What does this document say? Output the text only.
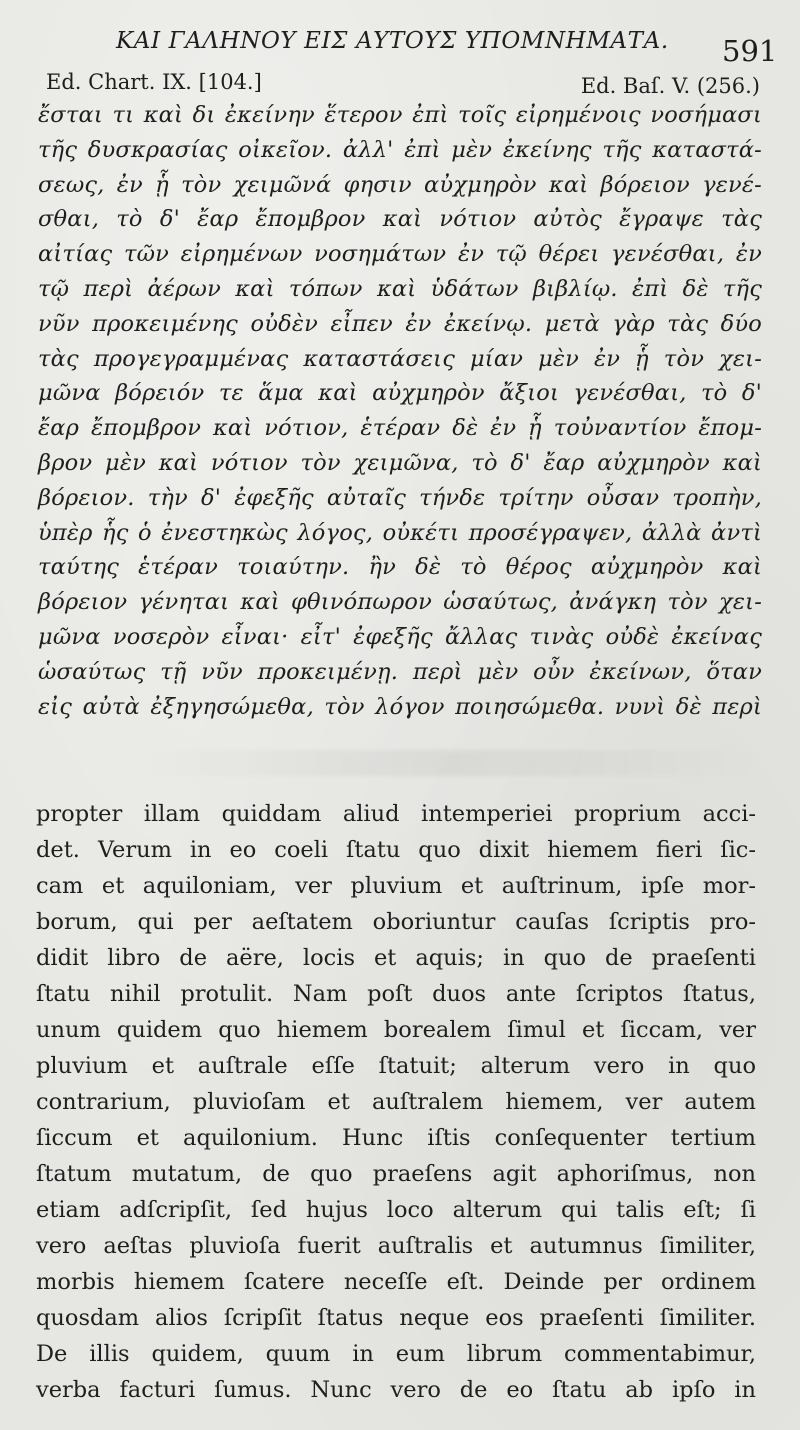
ΚΑΙ ΓΑΛΗΝΟΥ ΕΙΣ ΑΥΤΟΥΣ ΥΠΟΜΝΗΜΑΤΑ. 591
Ed. Chart. IX. [104.]	Ed. Baſ. V. (256.)
ἔσται τι καὶ δι ἐκείνην ἕτερον ἐπὶ τοῖς εἰρημένοις νοσήμασι
τῆς δυσκρασίας οἰκεῖον. ἀλλ' ἐπὶ μὲν ἐκείνης τῆς καταστά-
σεως, ἐν ᾗ τὸν χειμῶνά φησιν αὐχμηρὸν καὶ βόρειον γενέ-
σθαι, τὸ δ' ἔαρ ἔπομβρον καὶ νότιον αὐτὸς ἔγραψε τὰς
αἰτίας τῶν εἰρημένων νοσημάτων ἐν τῷ θέρει γενέσθαι, ἐν
τῷ περὶ ἀέρων καὶ τόπων καὶ ὑδάτων βιβλίῳ. ἐπὶ δὲ τῆς
νῦν προκειμένης οὐδὲν εἶπεν ἐν ἐκείνῳ. μετὰ γὰρ τὰς δύο
τὰς προγεγραμμένας καταστάσεις μίαν μὲν ἐν ᾗ τὸν χει-
μῶνα βόρειόν τε ἅμα καὶ αὐχμηρὸν ἄξιοι γενέσθαι, τὸ δ'
ἔαρ ἔπομβρον καὶ νότιον, ἑτέραν δὲ ἐν ᾗ τοὐναντίον ἔπομ-
βρον μὲν καὶ νότιον τὸν χειμῶνα, τὸ δ' ἔαρ αὐχμηρὸν καὶ
βόρειον. τὴν δ' ἐφεξῆς αὐταῖς τήνδε τρίτην οὖσαν τροπὴν,
ὑπὲρ ἧς ὁ ἐνεστηκὼς λόγος, οὐκέτι προσέγραψεν, ἀλλὰ ἀντὶ
ταύτης ἑτέραν τοιαύτην. ἢν δὲ τὸ θέρος αὐχμηρὸν καὶ
βόρειον γένηται καὶ φθινόπωρον ὡσαύτως, ἀνάγκη τὸν χει-
μῶνα νοσερὸν εἶναι· εἶτ' ἐφεξῆς ἄλλας τινὰς οὐδὲ ἐκείνας
ὡσαύτως τῇ νῦν προκειμένῃ. περὶ μὲν οὖν ἐκείνων, ὅταν
εἰς αὐτὰ ἐξηγησώμεθα, τὸν λόγον ποιησώμεθα. νυνὶ δὲ περὶ
propter illam quiddam aliud intemperiei proprium acci-
det. Verum in eo coeli ſtatu quo dixit hiemem fieri ſic-
cam et aquiloniam, ver pluvium et auſtrinum, ipſe mor-
borum, qui per aeſtatem oboriuntur cauſas ſcriptis pro-
didit libro de aëre, locis et aquis; in quo de praeſenti
ſtatu nihil protulit. Nam poſt duos ante ſcriptos ſtatus,
unum quidem quo hiemem borealem ſimul et ſiccam, ver
pluvium et auſtrale eſſe ſtatuit; alterum vero in quo
contrarium, pluvioſam et auſtralem hiemem, ver autem
ſiccum et aquilonium. Hunc iſtis conſequenter tertium
ſtatum mutatum, de quo praeſens agit aphoriſmus, non
etiam adſcripſit, ſed hujus loco alterum qui talis eſt; ſi
vero aeſtas pluvioſa fuerit auſtralis et autumnus ſimiliter,
morbis hiemem ſcatere neceſſe eſt. Deinde per ordinem
quosdam alios ſcripſit ſtatus neque eos praeſenti ſimiliter.
De illis quidem, quum in eum librum commentabimur,
verba facturi ſumus. Nunc vero de eo ſtatu ab ipſo in
